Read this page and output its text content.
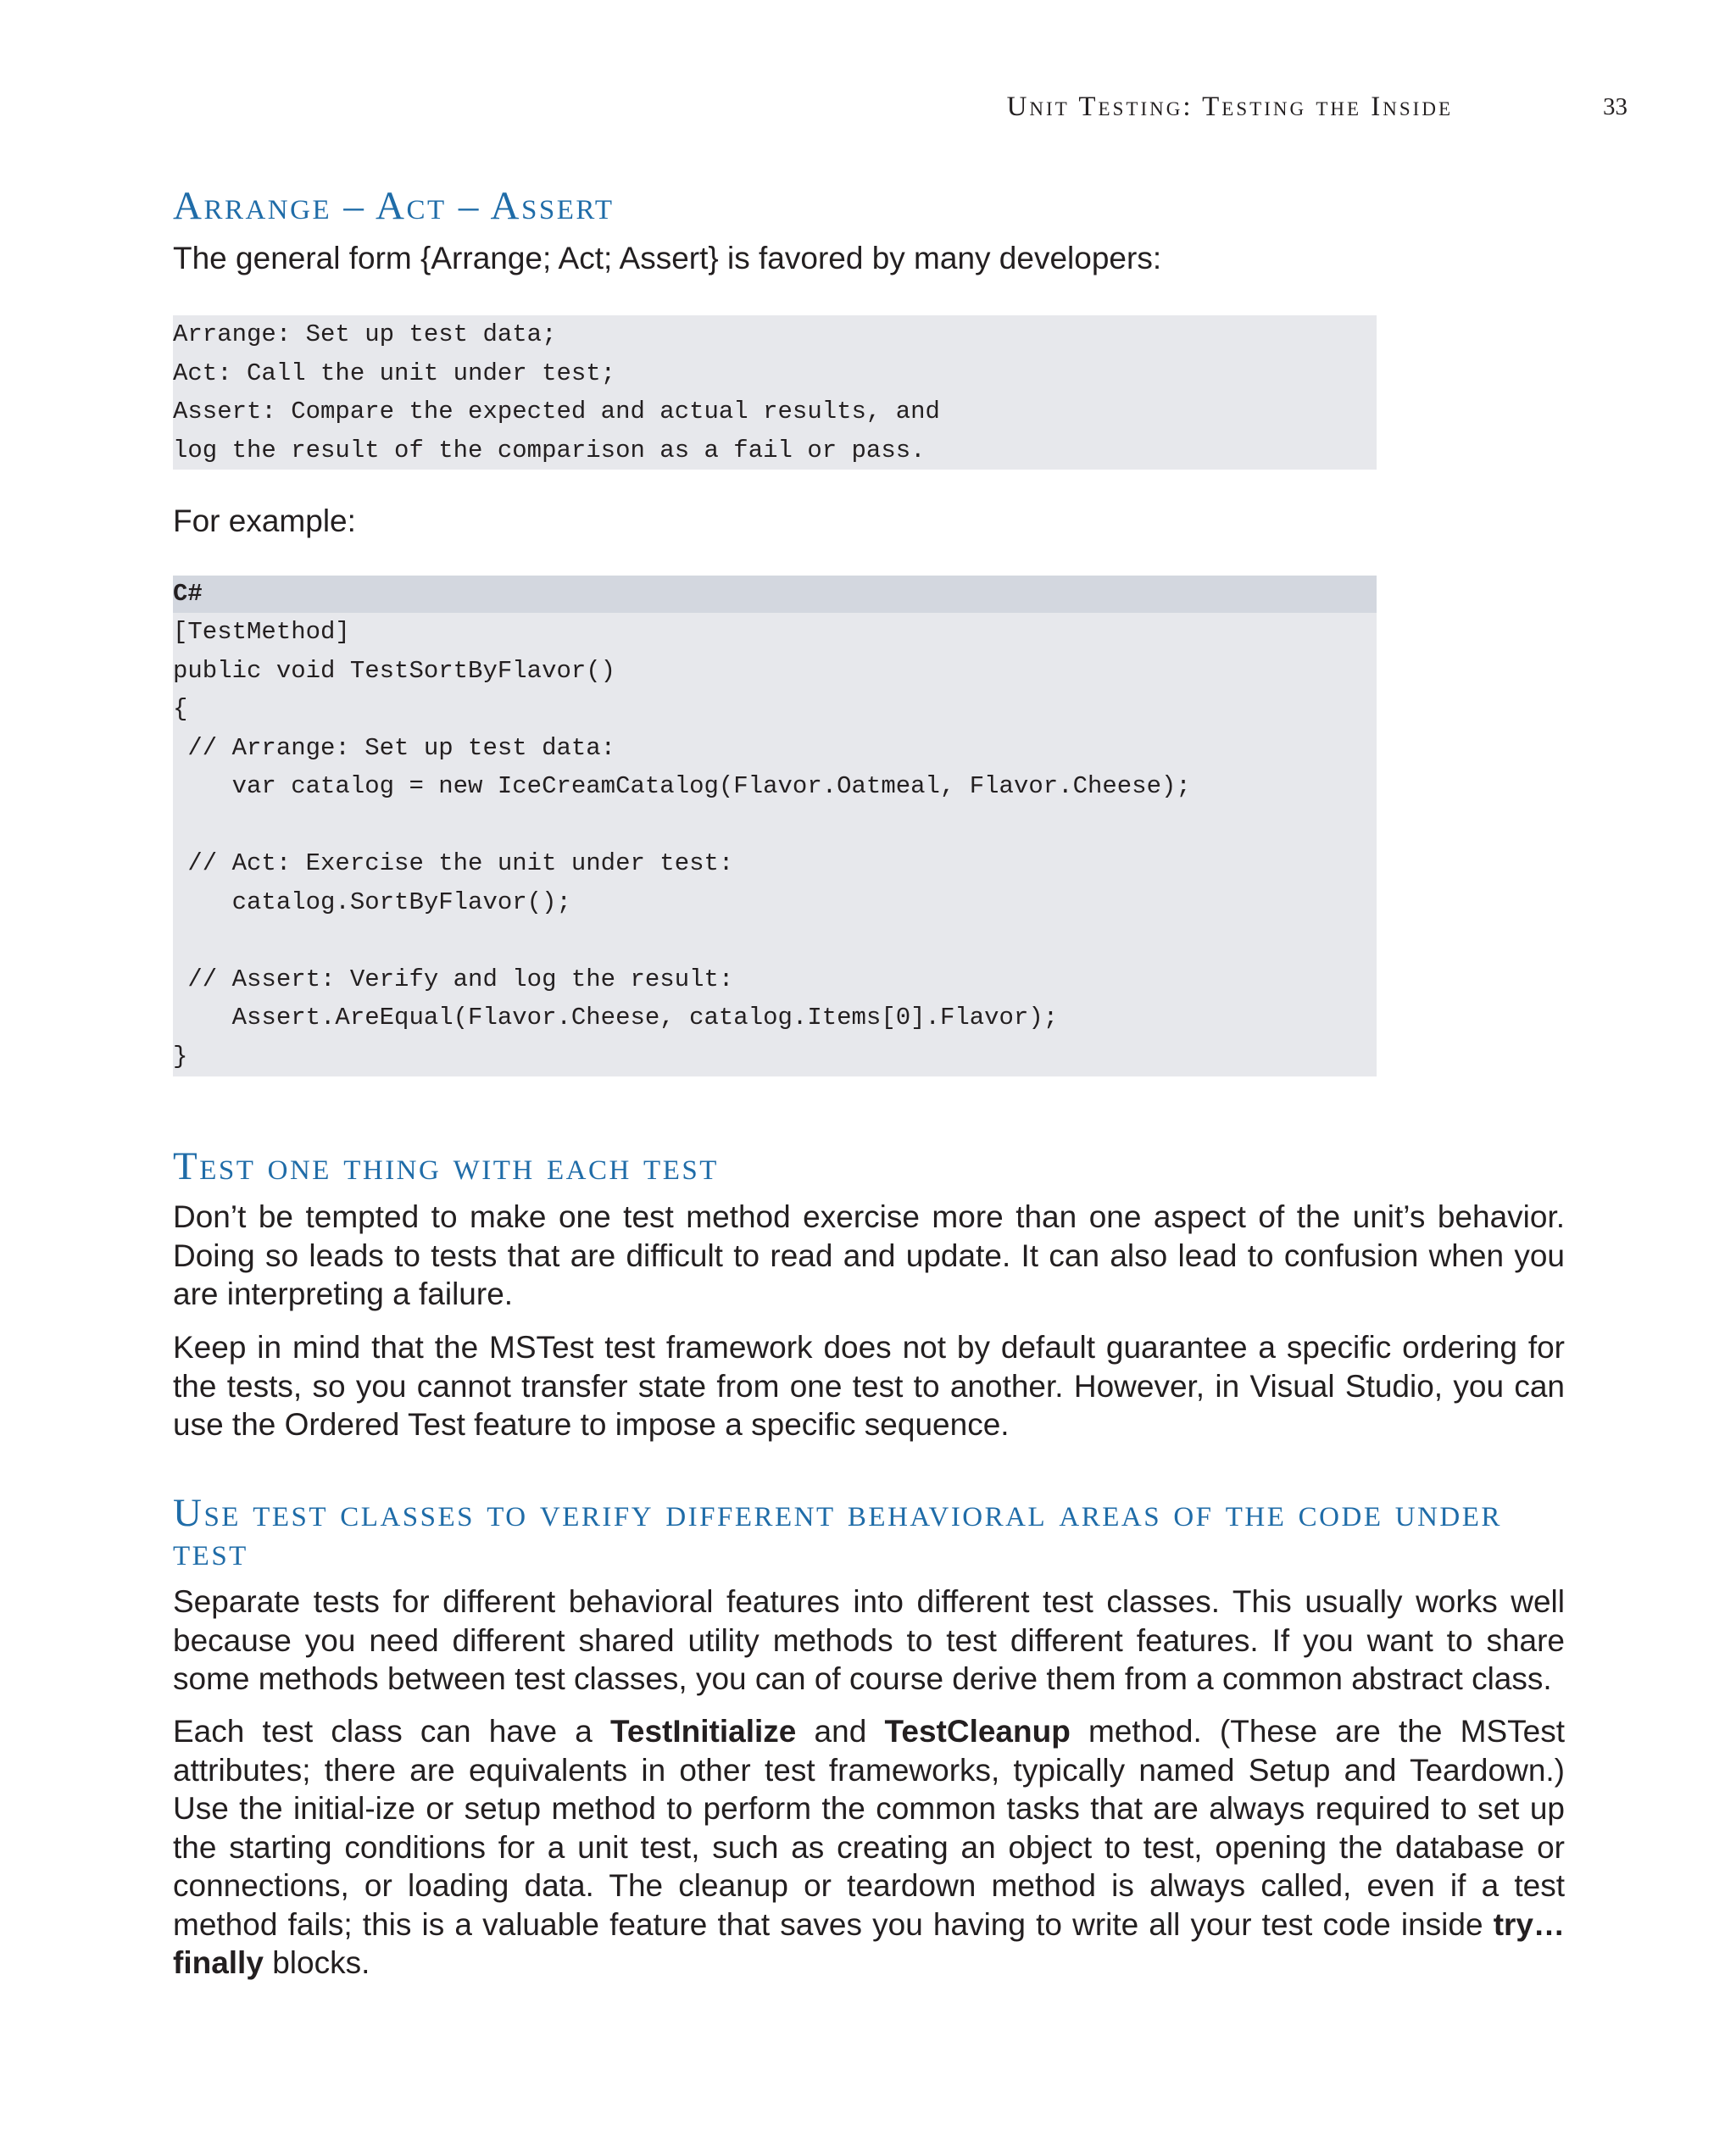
Unit Testing: Testing the Inside	33
Arrange – Act – Assert

The general form {Arrange; Act; Assert} is favored by many developers:

Arrange: Set up test data;
Act: Call the unit under test;
Assert: Compare the expected and actual results, and
log the result of the comparison as a fail or pass.

For example:

C#
[TestMethod]
public void TestSortByFlavor()
{
// Arrange: Set up test data:
var catalog = new IceCreamCatalog(Flavor.Oatmeal, Flavor.Cheese);
// Act: Exercise the unit under test:
catalog.SortByFlavor();
// Assert: Verify and log the result:
Assert.AreEqual(Flavor.Cheese, catalog.Items[0].Flavor);
}
Test one thing with each test

Don’t be tempted to make one test method exercise more than one aspect of the unit’s behavior. Doing so leads to tests that are difficult to read and update. It can also lead to confusion when you are interpreting a failure.

Keep in mind that the MSTest test framework does not by default guarantee a specific ordering for the tests, so you cannot transfer state from one test to another. However, in Visual Studio, you can use the Ordered Test feature to impose a specific sequence.

Use test classes to verify different behavioral areas of the code under test

Separate tests for different behavioral features into different test classes. This usually works well because you need different shared utility methods to test different features. If you want to share some methods between test classes, you can of course derive them from a common abstract class.

Each test class can have a TestInitialize and TestCleanup method. (These are the MSTest attributes; there are equivalents in other test frameworks, typically named Setup and Teardown.) Use the initial-ize or setup method to perform the common tasks that are always required to set up the starting conditions for a unit test, such as creating an object to test, opening the database or connections, or loading data. The cleanup or teardown method is always called, even if a test method fails; this is a valuable feature that saves you having to write all your test code inside try…finally blocks.
